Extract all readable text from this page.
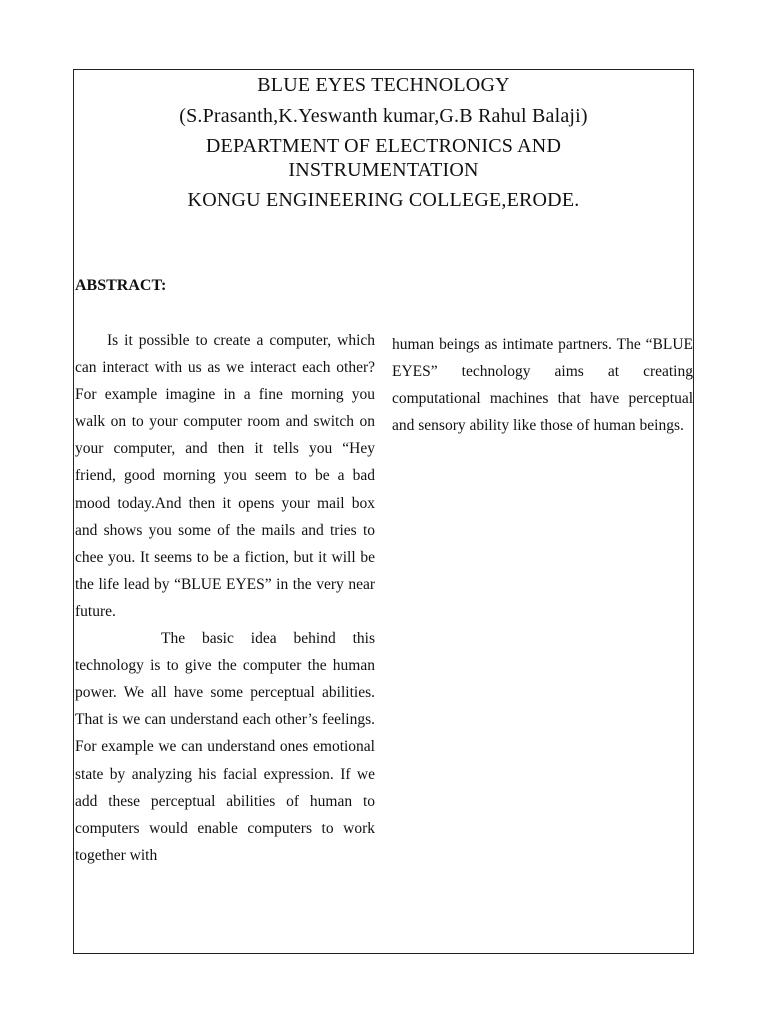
BLUE EYES TECHNOLOGY
(S.Prasanth,K.Yeswanth kumar,G.B Rahul Balaji)
DEPARTMENT OF ELECTRONICS AND INSTRUMENTATION
KONGU ENGINEERING COLLEGE,ERODE.
ABSTRACT:

Is it possible to create a computer, which can interact with us as we interact each other? For example imagine in a fine morning you walk on to your computer room and switch on your computer, and then it tells you “Hey friend, good morning you seem to be a bad mood today.And then it opens your mail box and shows you some of the mails and tries to chee you. It seems to be a fiction, but it will be the life lead by “BLUE EYES” in the very near future.

The basic idea behind this technology is to give the computer the human power. We all have some perceptual abilities. That is we can understand each other’s feelings. For example we can understand ones emotional state by analyzing his facial expression. If we add these perceptual abilities of human to computers would enable computers to work together with

human beings as intimate partners. The “BLUE EYES” technology aims at creating computational machines that have perceptual and sensory ability like those of human beings.
